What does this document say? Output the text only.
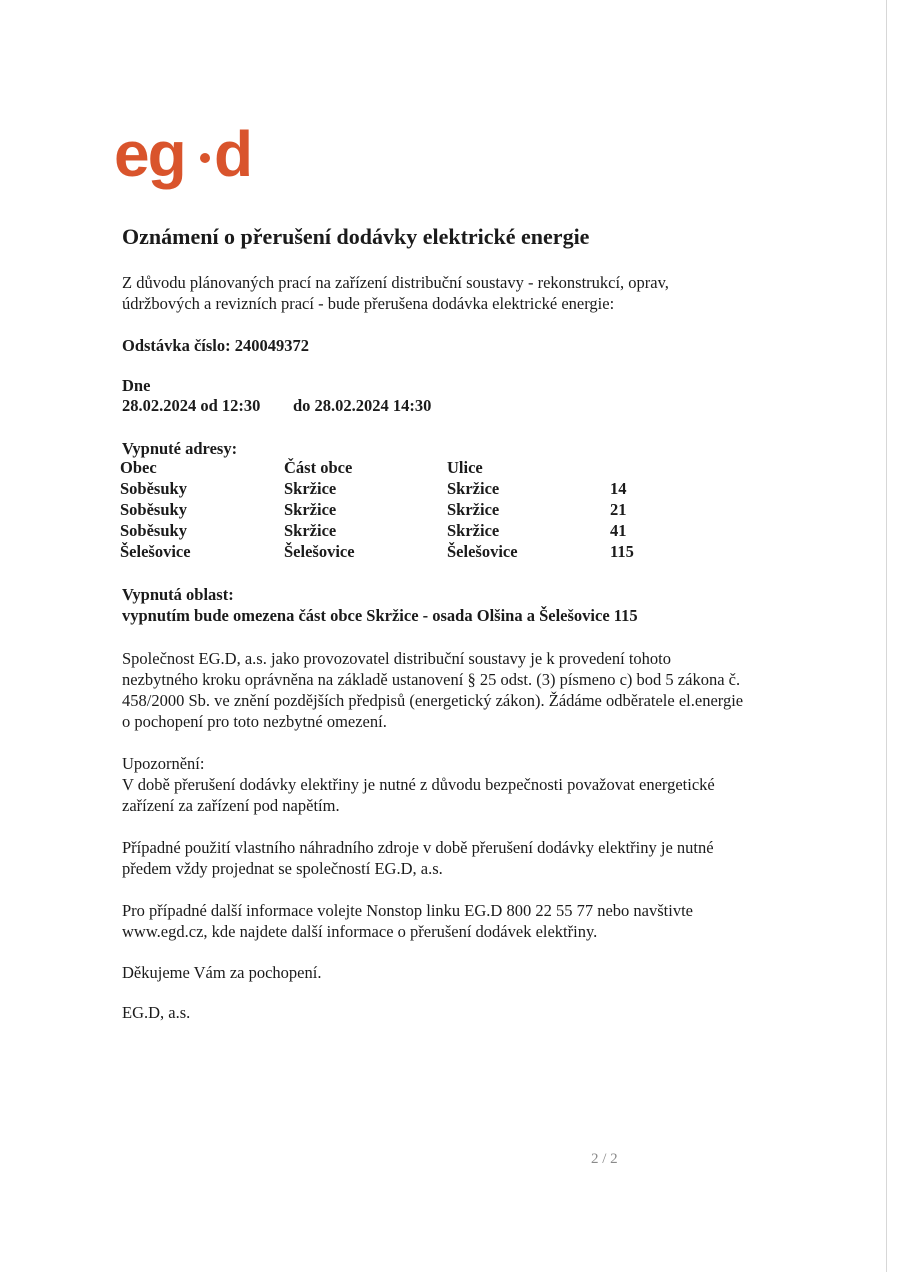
eg d
Oznámení o přerušení dodávky elektrické energie

Z důvodu plánovaných prací na zařízení distribuční soustavy - rekonstrukcí, oprav,

údržbových a revizních prací - bude přerušena dodávka elektrické energie:

Odstávka číslo: 240049372

Dne

28.02.2024 od 12:30 do 28.02.2024 14:30

Vypnuté adresy:

Obec	Část obce	Ulice	
Soběsuky	Skržice	Skržice	14
Soběsuky	Skržice	Skržice	21
Soběsuky	Skržice	Skržice	41
Šelešovice	Šelešovice	Šelešovice	115

Vypnutá oblast:

vypnutím bude omezena část obce Skržice - osada Olšina a Šelešovice 115

Společnost EG.D, a.s. jako provozovatel distribuční soustavy je k provedení tohoto

nezbytného kroku oprávněna na základě ustanovení § 25 odst. (3) písmeno c) bod 5 zákona č.

458/2000 Sb. ve znění pozdějších předpisů (energetický zákon). Žádáme odběratele el.energie

o pochopení pro toto nezbytné omezení.

Upozornění:

V době přerušení dodávky elektřiny je nutné z důvodu bezpečnosti považovat energetické

zařízení za zařízení pod napětím.

Případné použití vlastního náhradního zdroje v době přerušení dodávky elektřiny je nutné

předem vždy projednat se společností EG.D, a.s.

Pro případné další informace volejte Nonstop linku EG.D 800 22 55 77 nebo navštivte

www.egd.cz, kde najdete další informace o přerušení dodávek elektřiny.

Děkujeme Vám za pochopení.

EG.D, a.s.

2 / 2
